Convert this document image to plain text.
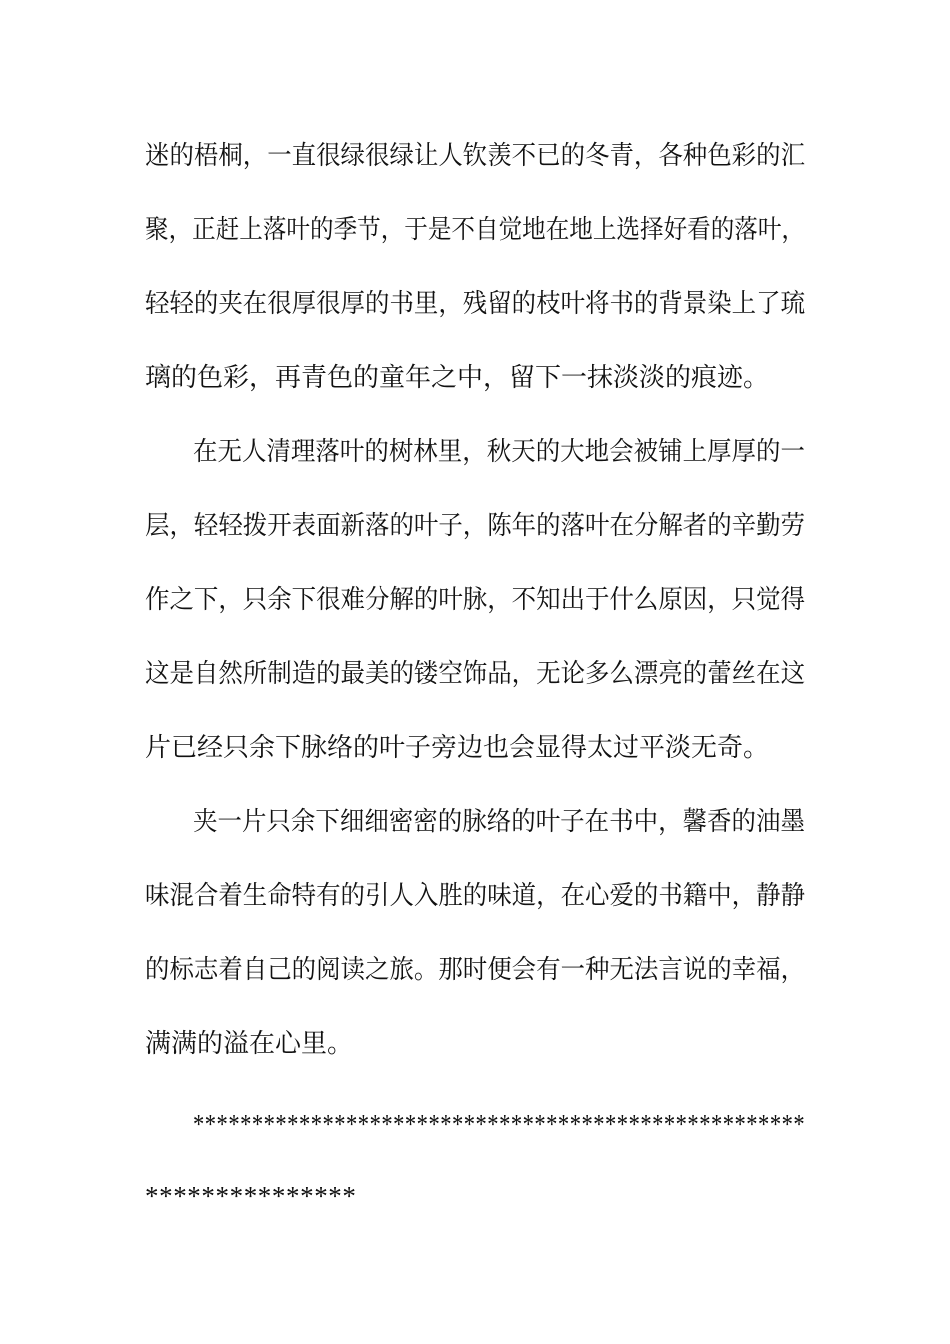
迷的梧桐，一直很绿很绿让人钦羡不已的冬青，各种色彩的汇
聚，正赶上落叶的季节，于是不自觉地在地上选择好看的落叶，
轻轻的夹在很厚很厚的书里，残留的枝叶将书的背景染上了琉
璃的色彩，再青色的童年之中，留下一抹淡淡的痕迹。
在无人清理落叶的树林里，秋天的大地会被铺上厚厚的一
层，轻轻拨开表面新落的叶子，陈年的落叶在分解者的辛勤劳
作之下，只余下很难分解的叶脉，不知出于什么原因，只觉得
这是自然所制造的最美的镂空饰品，无论多么漂亮的蕾丝在这
片已经只余下脉络的叶子旁边也会显得太过平淡无奇。
夹一片只余下细细密密的脉络的叶子在书中，馨香的油墨
味混合着生命特有的引人入胜的味道，在心爱的书籍中，静静
的标志着自己的阅读之旅。那时便会有一种无法言说的幸福，
满满的溢在心里。
****************************************************
***************
